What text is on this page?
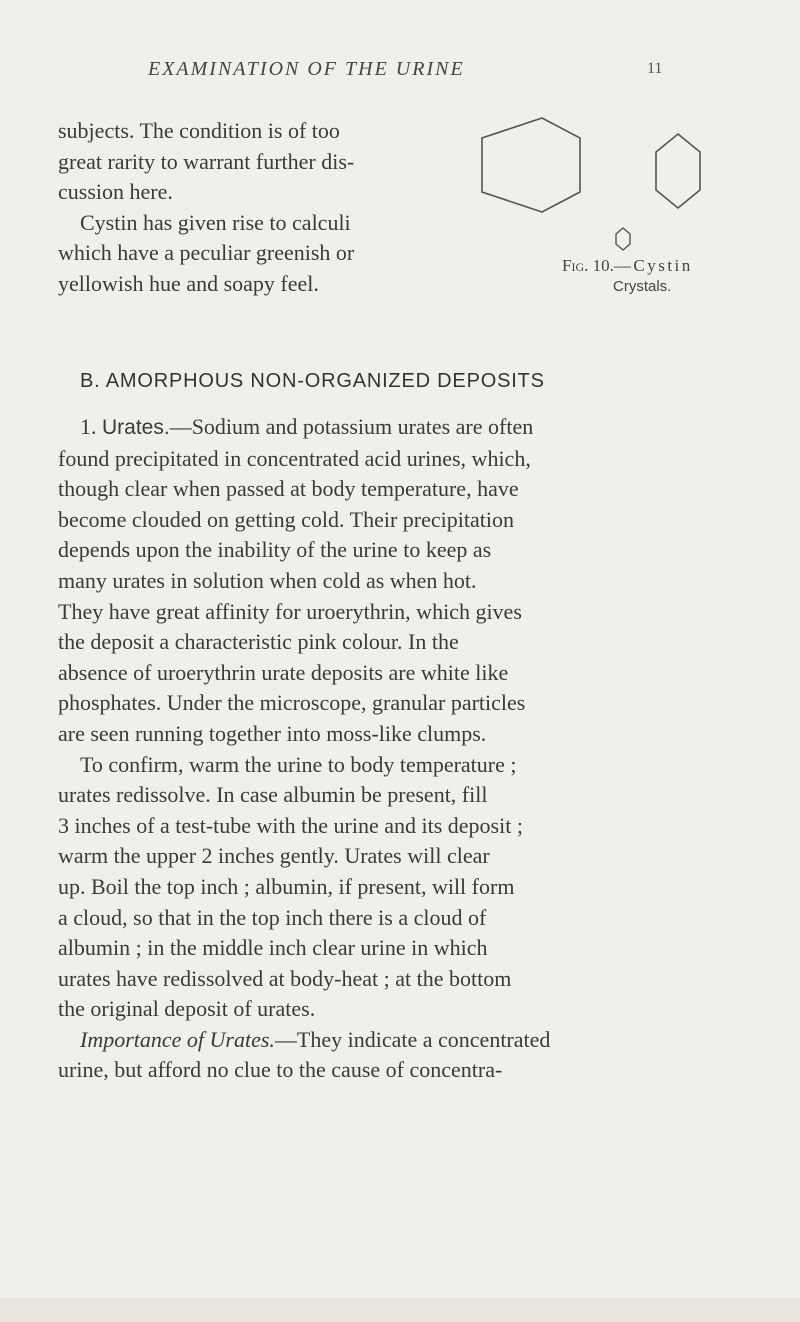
EXAMINATION OF THE URINE	11
subjects. The condition is of too
great rarity to warrant further dis-
cussion here.
Cystin has given rise to calculi
which have a peculiar greenish or
yellowish hue and soapy feel.
Fig. 10.—Cystin
Crystals.
B. AMORPHOUS NON-ORGANIZED DEPOSITS
1. Urates.—Sodium and potassium urates are often
found precipitated in concentrated acid urines, which,
though clear when passed at body temperature, have
become clouded on getting cold. Their precipitation
depends upon the inability of the urine to keep as
many urates in solution when cold as when hot.
They have great affinity for uroerythrin, which gives
the deposit a characteristic pink colour. In the
absence of uroerythrin urate deposits are white like
phosphates. Under the microscope, granular particles
are seen running together into moss-like clumps.
To confirm, warm the urine to body temperature ;
urates redissolve. In case albumin be present, fill
3 inches of a test-tube with the urine and its deposit ;
warm the upper 2 inches gently. Urates will clear
up. Boil the top inch ; albumin, if present, will form
a cloud, so that in the top inch there is a cloud of
albumin ; in the middle inch clear urine in which
urates have redissolved at body-heat ; at the bottom
the original deposit of urates.
Importance of Urates.—They indicate a concentrated
urine, but afford no clue to the cause of concentra-
